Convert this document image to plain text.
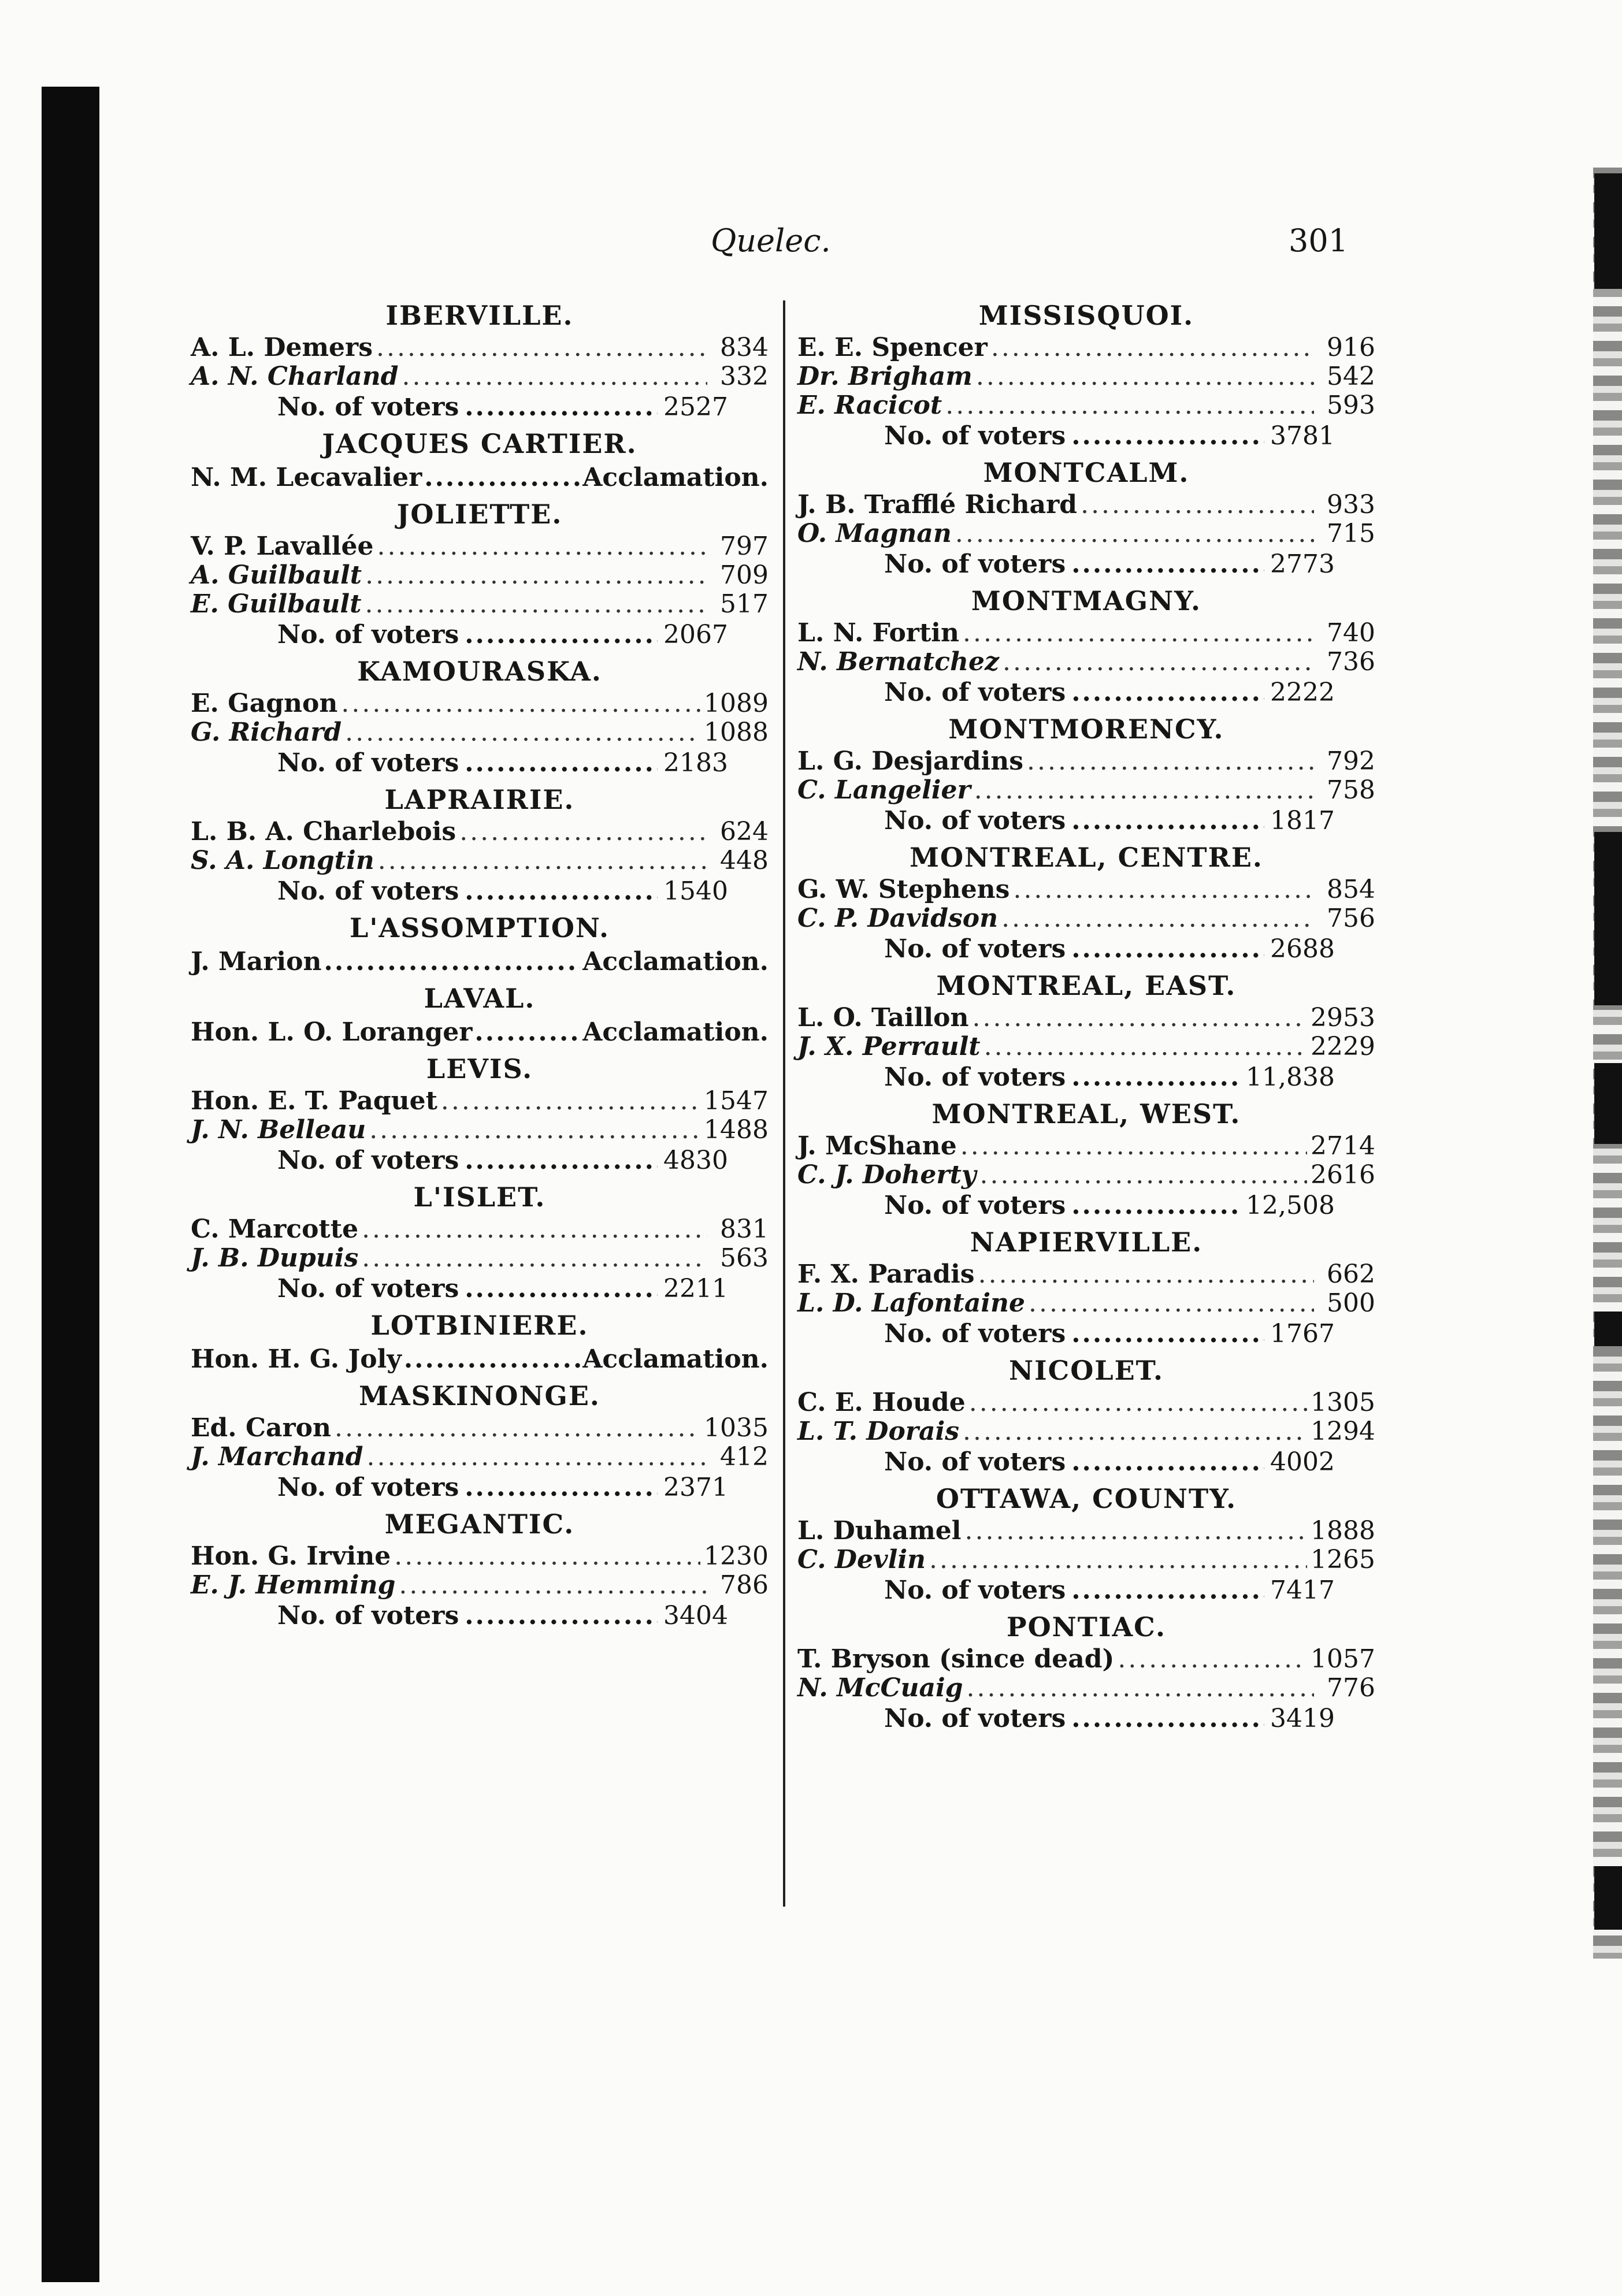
Quelec.	301
IBERVILLE.
A. L. Demers .....	834
A. N. Charland .....	332
No. of voters .....	2527
JACQUES CARTIER.
N. M. Lecavalier .....	Acclamation.
JOLIETTE.
V. P. Lavallée .....	797
A. Guilbault .....	709
E. Guilbault .....	517
No. of voters .....	2067
KAMOURASKA.
E. Gagnon .....	1089
G. Richard .....	1088
No. of voters .....	2183
LAPRAIRIE.
L. B. A. Charlebois .....	624
S. A. Longtin .....	448
No. of voters .....	1540
L'ASSOMPTION.
J. Marion .....	Acclamation.
LAVAL.
Hon. L. O. Loranger .....	Acclamation.
LEVIS.
Hon. E. T. Paquet .....	1547
J. N. Belleau .....	1488
No. of voters .....	4830
L'ISLET.
C. Marcotte .....	831
J. B. Dupuis .....	563
No. of voters .....	2211
LOTBINIERE.
Hon. H. G. Joly .....	Acclamation.
MASKINONGE.
Ed. Caron .....	1035
J. Marchand .....	412
No. of voters .....	2371
MEGANTIC.
Hon. G. Irvine .....	1230
E. J. Hemming .....	786
No. of voters .....	3404
MISSISQUOI.
E. E. Spencer .....	916
Dr. Brigham .....	542
E. Racicot .....	593
No. of voters .....	3781
MONTCALM.
J. B. Trafflé Richard .....	933
O. Magnan .....	715
No. of voters .....	2773
MONTMAGNY.
L. N. Fortin .....	740
N. Bernatchez .....	736
No. of voters .....	2222
MONTMORENCY.
L. G. Desjardins .....	792
C. Langelier .....	758
No. of voters .....	1817
MONTREAL, CENTRE.
G. W. Stephens .....	854
C. P. Davidson .....	756
No. of voters .....	2688
MONTREAL, EAST.
L. O. Taillon .....	2953
J. X. Perrault .....	2229
No. of voters .....	11,838
MONTREAL, WEST.
J. McShane .....	2714
C. J. Doherty .....	2616
No. of voters .....	12,508
NAPIERVILLE.
F. X. Paradis .....	662
L. D. Lafontaine .....	500
No. of voters .....	1767
NICOLET.
C. E. Houde .....	1305
L. T. Dorais .....	1294
No. of voters .....	4002
OTTAWA, COUNTY.
L. Duhamel .....	1888
C. Devlin .....	1265
No. of voters .....	7417
PONTIAC.
T. Bryson (since dead) .....	1057
N. McCuaig .....	776
No. of voters .....	3419
